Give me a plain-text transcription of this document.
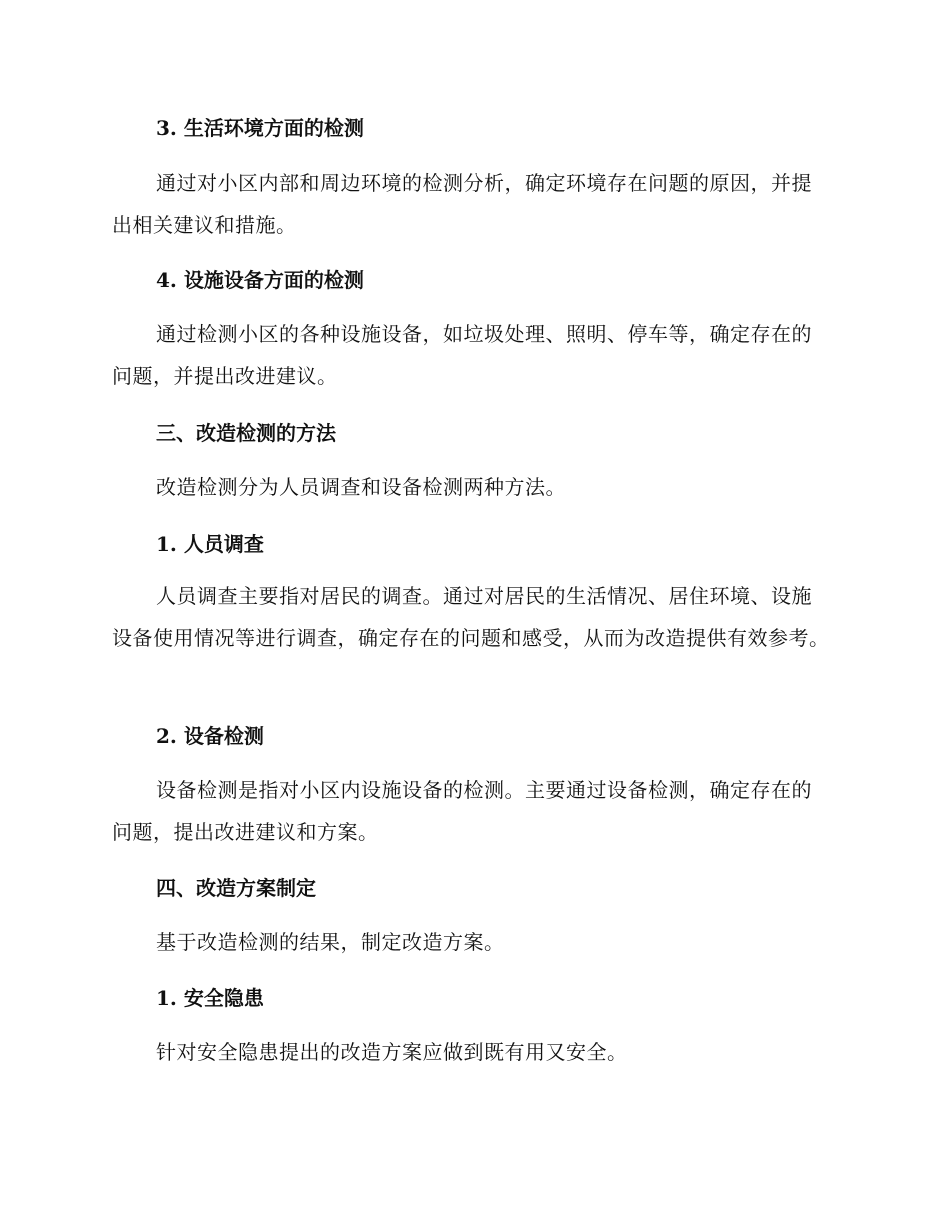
3. 生活环境方面的检测
通过对小区内部和周边环境的检测分析，确定环境存在问题的原因，并提出相关建议和措施。
4. 设施设备方面的检测
通过检测小区的各种设施设备，如垃圾处理、照明、停车等，确定存在的问题，并提出改进建议。
三、改造检测的方法
改造检测分为人员调查和设备检测两种方法。
1. 人员调查
人员调查主要指对居民的调查。通过对居民的生活情况、居住环境、设施设备使用情况等进行调查，确定存在的问题和感受，从而为改造提供有效参考。
2. 设备检测
设备检测是指对小区内设施设备的检测。主要通过设备检测，确定存在的问题，提出改进建议和方案。
四、改造方案制定
基于改造检测的结果，制定改造方案。
1. 安全隐患
针对安全隐患提出的改造方案应做到既有用又安全。
